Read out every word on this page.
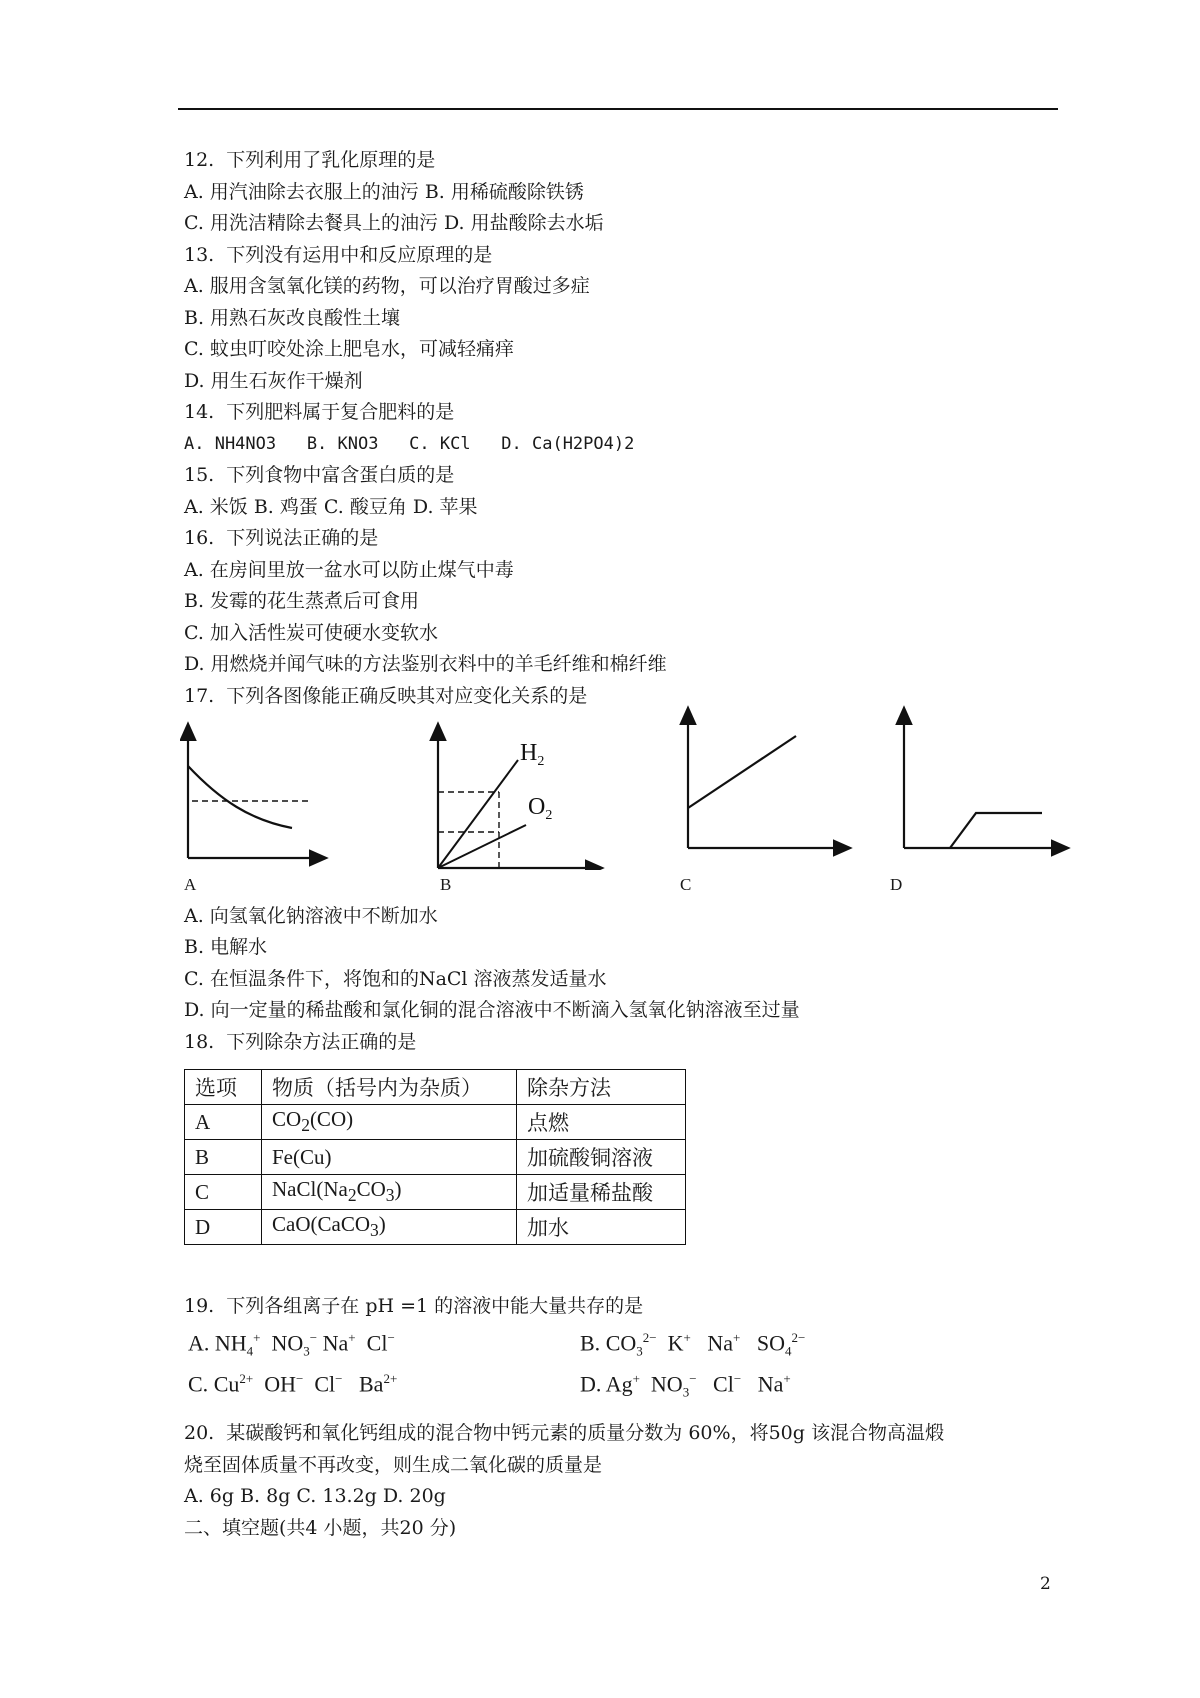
12.  下列利用了乳化原理的是
A. 用汽油除去衣服上的油污 B. 用稀硫酸除铁锈
C. 用洗洁精除去餐具上的油污 D. 用盐酸除去水垢
13.  下列没有运用中和反应原理的是
A. 服用含氢氧化镁的药物，可以治疗胃酸过多症
B. 用熟石灰改良酸性土壤
C. 蚊虫叮咬处涂上肥皂水，可减轻痛痒
D. 用生石灰作干燥剂
14.  下列肥料属于复合肥料的是
A. NH4NO3   B. KNO3   C. KCl   D. Ca(H2PO4)2
15.  下列食物中富含蛋白质的是
A. 米饭 B. 鸡蛋 C. 酸豆角 D. 苹果
16.  下列说法正确的是
A. 在房间里放一盆水可以防止煤气中毒
B. 发霉的花生蒸煮后可食用
C. 加入活性炭可使硬水变软水
D. 用燃烧并闻气味的方法鉴别衣料中的羊毛纤维和棉纤维
17.  下列各图像能正确反映其对应变化关系的是
$H_2$
$O_2$
A	B	C	D
A. 向氢氧化钠溶液中不断加水
B. 电解水
C. 在恒温条件下，将饱和的NaCl 溶液蒸发适量水
D. 向一定量的稀盐酸和氯化铜的混合溶液中不断滴入氢氧化钠溶液至过量
18.  下列除杂方法正确的是
选项	物质（括号内为杂质）	除杂方法
A	$CO_2(CO)$	点燃
B	Fe(Cu)	加硫酸铜溶液
C	$NaCl(Na_2CO_3)$	加适量稀盐酸
D	CaO(CaCO$_3$)	加水
19.  下列各组离子在 pH =1 的溶液中能大量共存的是
A. $NH_4^+$  $NO_3^-$ Na+  Cl−	B. $CO_3^{2-}$  K+   Na+   $SO_4^{2-}$
C. $Cu^{2+}$  OH−  Cl−   $Ba^{2+}$	D. Ag+  $NO_3^-$   Cl−   Na+
20.  某碳酸钙和氧化钙组成的混合物中钙元素的质量分数为 60%，将50g 该混合物高温煅
烧至固体质量不再改变，则生成二氧化碳的质量是
A. 6g B. 8g C. 13.2g D. 20g
二、填空题(共4 小题，共20 分)
2
